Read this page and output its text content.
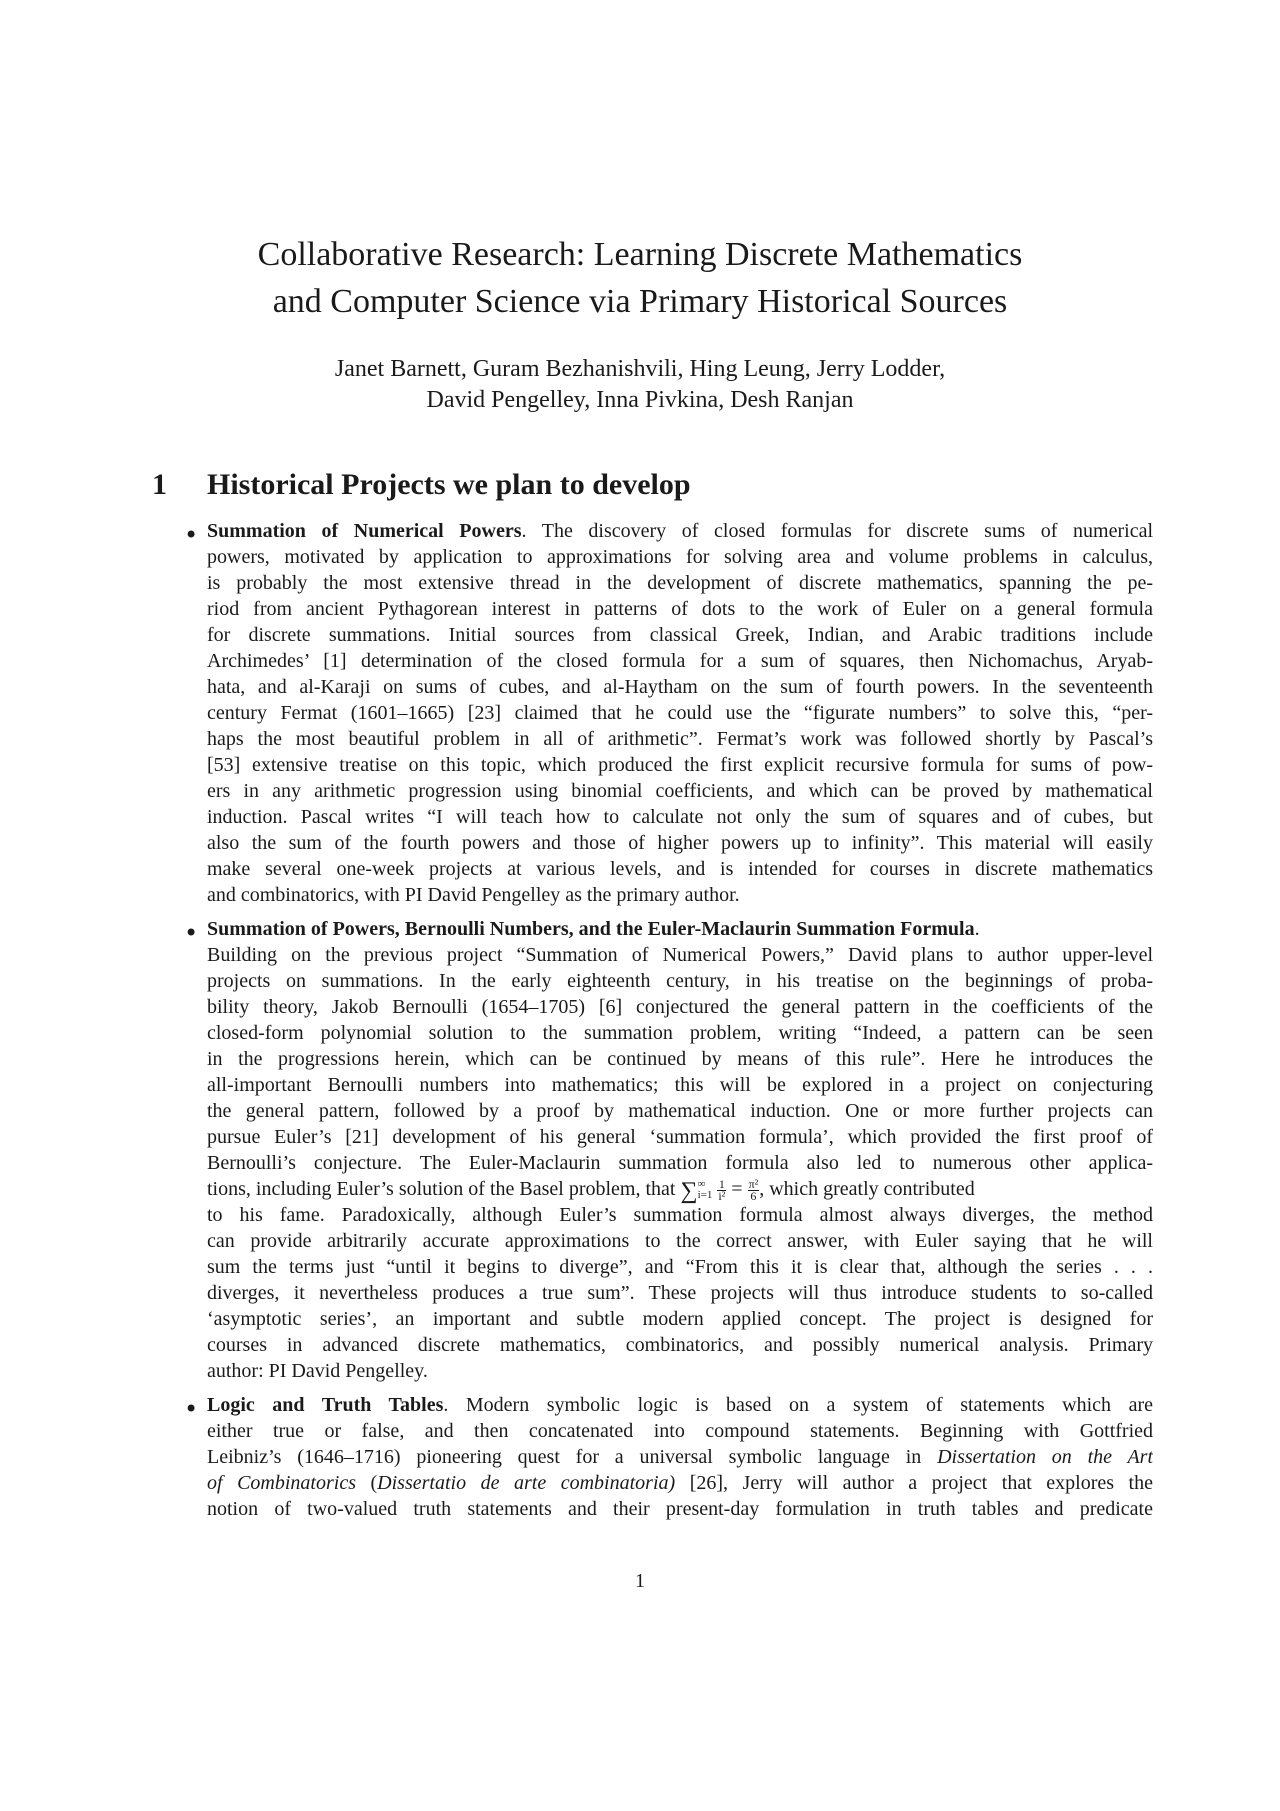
Collaborative Research: Learning Discrete Mathematics
and Computer Science via Primary Historical Sources
Janet Barnett, Guram Bezhanishvili, Hing Leung, Jerry Lodder,
David Pengelley, Inna Pivkina, Desh Ranjan
1 Historical Projects we plan to develop
• Summation of Numerical Powers. The discovery of closed formulas for discrete sums of numerical
powers, motivated by application to approximations for solving area and volume problems in calculus,
is probably the most extensive thread in the development of discrete mathematics, spanning the pe-
riod from ancient Pythagorean interest in patterns of dots to the work of Euler on a general formula
for discrete summations. Initial sources from classical Greek, Indian, and Arabic traditions include
Archimedes’ [1] determination of the closed formula for a sum of squares, then Nichomachus, Aryab-
hata, and al-Karaji on sums of cubes, and al-Haytham on the sum of fourth powers. In the seventeenth
century Fermat (1601–1665) [23] claimed that he could use the “figurate numbers” to solve this, “per-
haps the most beautiful problem in all of arithmetic”. Fermat’s work was followed shortly by Pascal’s
[53] extensive treatise on this topic, which produced the first explicit recursive formula for sums of pow-
ers in any arithmetic progression using binomial coefficients, and which can be proved by mathematical
induction. Pascal writes “I will teach how to calculate not only the sum of squares and of cubes, but
also the sum of the fourth powers and those of higher powers up to infinity”. This material will easily
make several one-week projects at various levels, and is intended for courses in discrete mathematics
and combinatorics, with PI David Pengelley as the primary author.
• Summation of Powers, Bernoulli Numbers, and the Euler-Maclaurin Summation Formula.
Building on the previous project “Summation of Numerical Powers,” David plans to author upper-level
projects on summations. In the early eighteenth century, in his treatise on the beginnings of proba-
bility theory, Jakob Bernoulli (1654–1705) [6] conjectured the general pattern in the coefficients of the
closed-form polynomial solution to the summation problem, writing “Indeed, a pattern can be seen
in the progressions herein, which can be continued by means of this rule”. Here he introduces the
all-important Bernoulli numbers into mathematics; this will be explored in a project on conjecturing
the general pattern, followed by a proof by mathematical induction. One or more further projects can
pursue Euler’s [21] development of his general ‘summation formula’, which provided the first proof of
Bernoulli’s conjecture. The Euler-Maclaurin summation formula also led to numerous other applica-
tions, including Euler’s solution of the Basel problem, that ∑ ∞
i=1
$\frac{1}{\text{i²}} = \frac{\text{π²}}{6}$ , which greatly contributed
to his fame. Paradoxically, although Euler’s summation formula almost always diverges, the method
can provide arbitrarily accurate approximations to the correct answer, with Euler saying that he will
sum the terms just “until it begins to diverge”, and “From this it is clear that, although the series . . .
diverges, it nevertheless produces a true sum”. These projects will thus introduce students to so-called
‘asymptotic series’, an important and subtle modern applied concept. The project is designed for
courses in advanced discrete mathematics, combinatorics, and possibly numerical analysis. Primary
author: PI David Pengelley.
• Logic and Truth Tables. Modern symbolic logic is based on a system of statements which are
either true or false, and then concatenated into compound statements. Beginning with Gottfried
Leibniz’s (1646–1716) pioneering quest for a universal symbolic language in Dissertation on the Art
of Combinatorics (Dissertatio de arte combinatoria) [26], Jerry will author a project that explores the
notion of two-valued truth statements and their present-day formulation in truth tables and predicate
1
